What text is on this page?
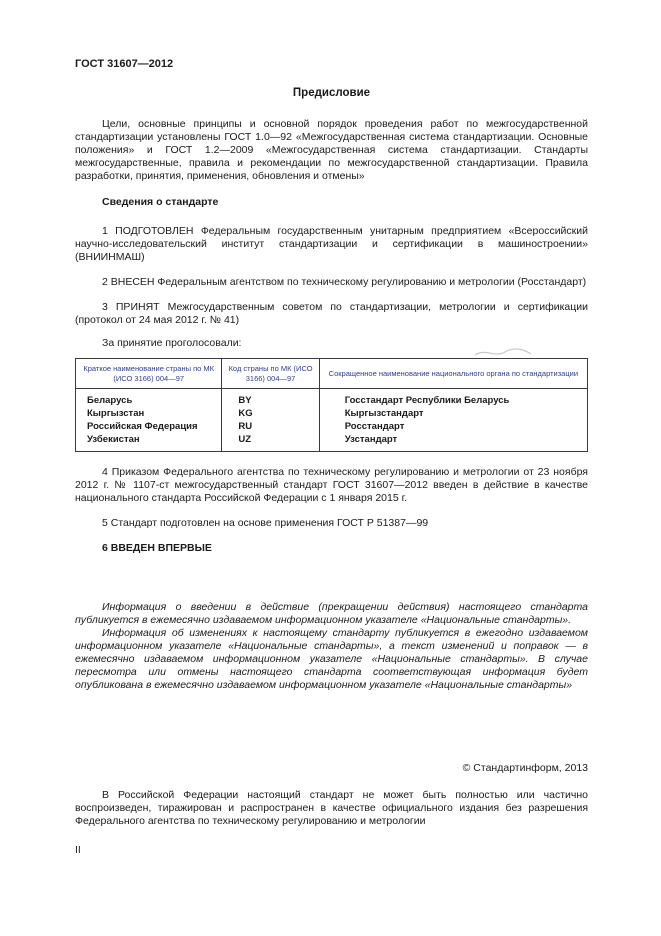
ГОСТ 31607—2012
Предисловие

Цели, основные принципы и основной порядок проведения работ по межгосударственной стандартизации установлены ГОСТ 1.0—92 «Межгосударственная система стандартизации. Основные положения» и ГОСТ 1.2—2009 «Межгосударственная система стандартизации. Стандарты межгосударственные, правила и рекомендации по межгосударственной стандартизации. Правила разработки, принятия, применения, обновления и отмены»

Сведения о стандарте

1 ПОДГОТОВЛЕН Федеральным государственным унитарным предприятием «Всероссийский научно-исследовательский институт стандартизации и сертификации в машиностроении» (ВНИИНМАШ)

2 ВНЕСЕН Федеральным агентством по техническому регулированию и метрологии (Росстандарт)

3 ПРИНЯТ Межгосударственным советом по стандартизации, метрологии и сертификации (протокол от 24 мая 2012 г. № 41)

За принятие проголосовали:

Краткое наименование страны по МК (ИСО 3166) 004—97	Код страны по МК (ИСО 3166) 004—97	Сокращенное наименование национального органа по стандартизации
Беларусь	BY	Госстандарт Республики Беларусь
Кыргызстан	KG	Кыргызстандарт
Российская Федерация	RU	Росстандарт
Узбекистан	UZ	Узстандарт

4 Приказом Федерального агентства по техническому регулированию и метрологии от 23 ноября 2012 г. № 1107-ст межгосударственный стандарт ГОСТ 31607—2012 введен в действие в качестве национального стандарта Российской Федерации с 1 января 2015 г.

5 Стандарт подготовлен на основе применения ГОСТ Р 51387—99

6 ВВЕДЕН ВПЕРВЫЕ

Информация о введении в действие (прекращении действия) настоящего стандарта публикуется в ежемесячно издаваемом информационном указателе «Национальные стандарты».

Информация об изменениях к настоящему стандарту публикуется в ежегодно издаваемом информационном указателе «Национальные стандарты», а текст изменений и поправок — в ежемесячно издаваемом информационном указателе «Национальные стандарты». В случае пересмотра или отмены настоящего стандарта соответствующая информация будет опубликована в ежемесячно издаваемом информационном указателе «Национальные стандарты»

© Стандартинформ, 2013

В Российской Федерации настоящий стандарт не может быть полностью или частично воспроизведен, тиражирован и распространен в качестве официального издания без разрешения Федерального агентства по техническому регулированию и метрологии

II
